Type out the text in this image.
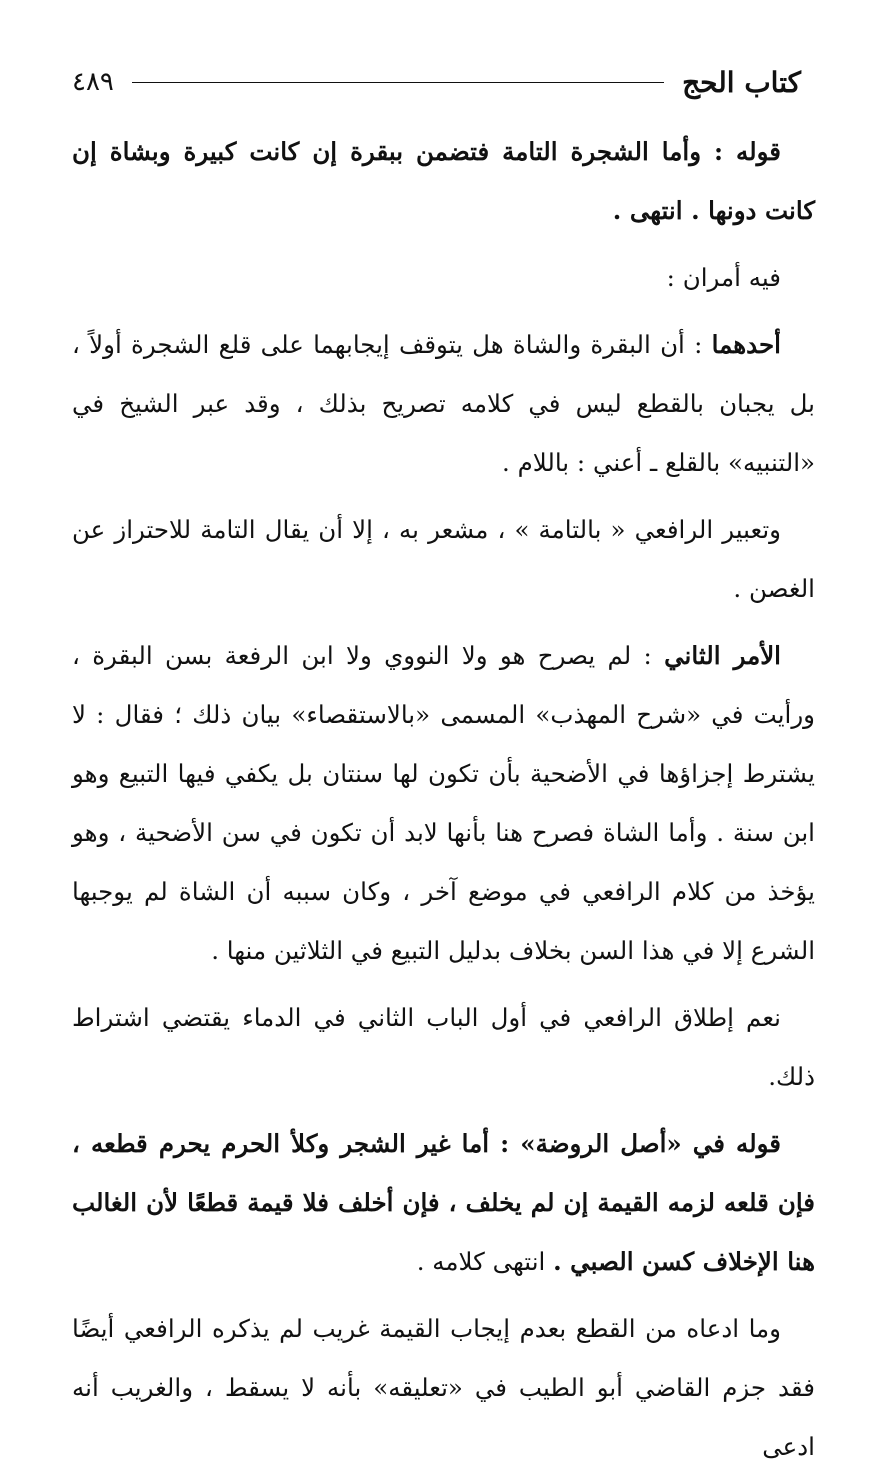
كتاب الحج
٤٨٩

قوله : وأما الشجرة التامة فتضمن ببقرة إن كانت كبيرة وبشاة إن كانت دونها . انتهى .

فيه أمران :

أحدهما : أن البقرة والشاة هل يتوقف إيجابهما على قلع الشجرة أولاً ، بل يجبان بالقطع ليس في كلامه تصريح بذلك ، وقد عبر الشيخ في «التنبيه» بالقلع ـ أعني : باللام .

وتعبير الرافعي « بالتامة » ، مشعر به ، إلا أن يقال التامة للاحتراز عن الغصن .

الأمر الثاني : لم يصرح هو ولا النووي ولا ابن الرفعة بسن البقرة ، ورأيت في «شرح المهذب» المسمى «بالاستقصاء» بيان ذلك ؛ فقال : لا يشترط إجزاؤها في الأضحية بأن تكون لها سنتان بل يكفي فيها التبيع وهو ابن سنة . وأما الشاة فصرح هنا بأنها لابد أن تكون في سن الأضحية ، وهو يؤخذ من كلام الرافعي في موضع آخر ، وكان سببه أن الشاة لم يوجبها الشرع إلا في هذا السن بخلاف بدليل التبيع في الثلاثين منها .

نعم إطلاق الرافعي في أول الباب الثاني في الدماء يقتضي اشتراط ذلك.

قوله في «أصل الروضة» : أما غير الشجر وكلأ الحرم يحرم قطعه ، فإن قلعه لزمه القيمة إن لم يخلف ، فإن أخلف فلا قيمة قطعًا لأن الغالب هنا الإخلاف كسن الصبي . انتهى كلامه .

وما ادعاه من القطع بعدم إيجاب القيمة غريب لم يذكره الرافعي أيضًا فقد جزم القاضي أبو الطيب في «تعليقه» بأنه لا يسقط ، والغريب أنه ادعى
